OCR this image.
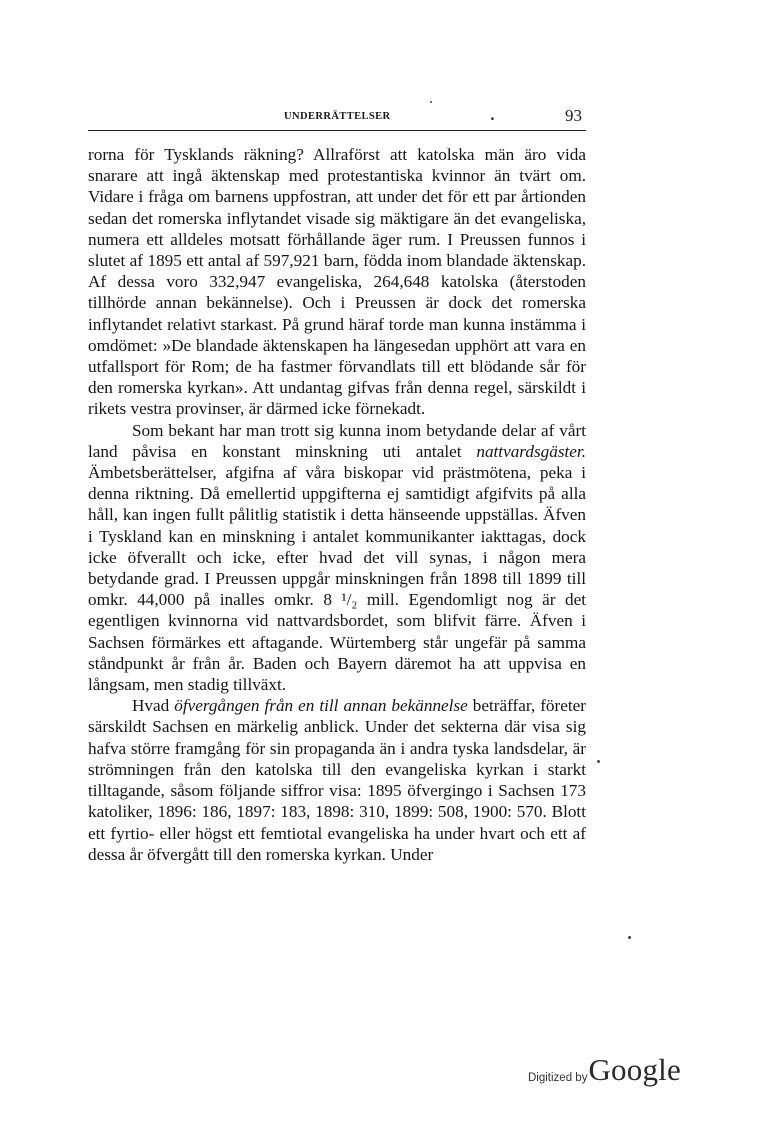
UNDERRÄTTELSER	.	93

rorna för Tysklands räkning? Allraförst att katolska män äro vida snarare att ingå äktenskap med protestantiska kvinnor än tvärt om. Vidare i fråga om barnens uppfostran, att under det för ett par årtionden sedan det romerska inflytandet visade sig mäktigare än det evangeliska, numera ett alldeles motsatt förhållande äger rum. I Preussen funnos i slutet af 1895 ett antal af 597,921 barn, födda inom blandade äktenskap. Af dessa voro 332,947 evangeliska, 264,648 katolska (återstoden tillhörde annan bekännelse). Och i Preussen är dock det romerska inflytandet relativt starkast. På grund häraf torde man kunna instämma i omdömet: »De blandade äktenskapen ha längesedan upphört att vara en utfallsport för Rom; de ha fastmer förvandlats till ett blödande sår för den romerska kyrkan». Att undantag gifvas från denna regel, särskildt i rikets vestra provinser, är därmed icke förnekadt.

Som bekant har man trott sig kunna inom betydande delar af vårt land påvisa en konstant minskning uti antalet nattvardsgäster. Ämbetsberättelser, afgifna af våra biskopar vid prästmötena, peka i denna riktning. Då emellertid uppgifterna ej samtidigt afgifvits på alla håll, kan ingen fullt pålitlig statistik i detta hänseende uppställas. Äfven i Tyskland kan en minskning i antalet kommunikanter iakttagas, dock icke öfverallt och icke, efter hvad det vill synas, i någon mera betydande grad. I Preussen uppgår minskningen från 1898 till 1899 till omkr. 44,000 på inalles omkr. 8 ¹/₂ mill. Egendomligt nog är det egentligen kvinnorna vid nattvardsbordet, som blifvit färre. Äfven i Sachsen förmärkes ett aftagande. Würtemberg står ungefär på samma ståndpunkt år från år. Baden och Bayern däremot ha att uppvisa en långsam, men stadig tillväxt.

Hvad öfvergången från en till annan bekännelse beträffar, företer särskildt Sachsen en märkelig anblick. Under det sekterna där visa sig hafva större framgång för sin propaganda än i andra tyska landsdelar, är strömningen från den katolska till den evangeliska kyrkan i starkt tilltagande, såsom följande siffror visa: 1895 öfvergingo i Sachsen 173 katoliker, 1896: 186, 1897: 183, 1898: 310, 1899: 508, 1900: 570. Blott ett fyrtio- eller högst ett femtiotal evangeliska ha under hvart och ett af dessa år öfvergått till den romerska kyrkan. Under

Digitized by Google
